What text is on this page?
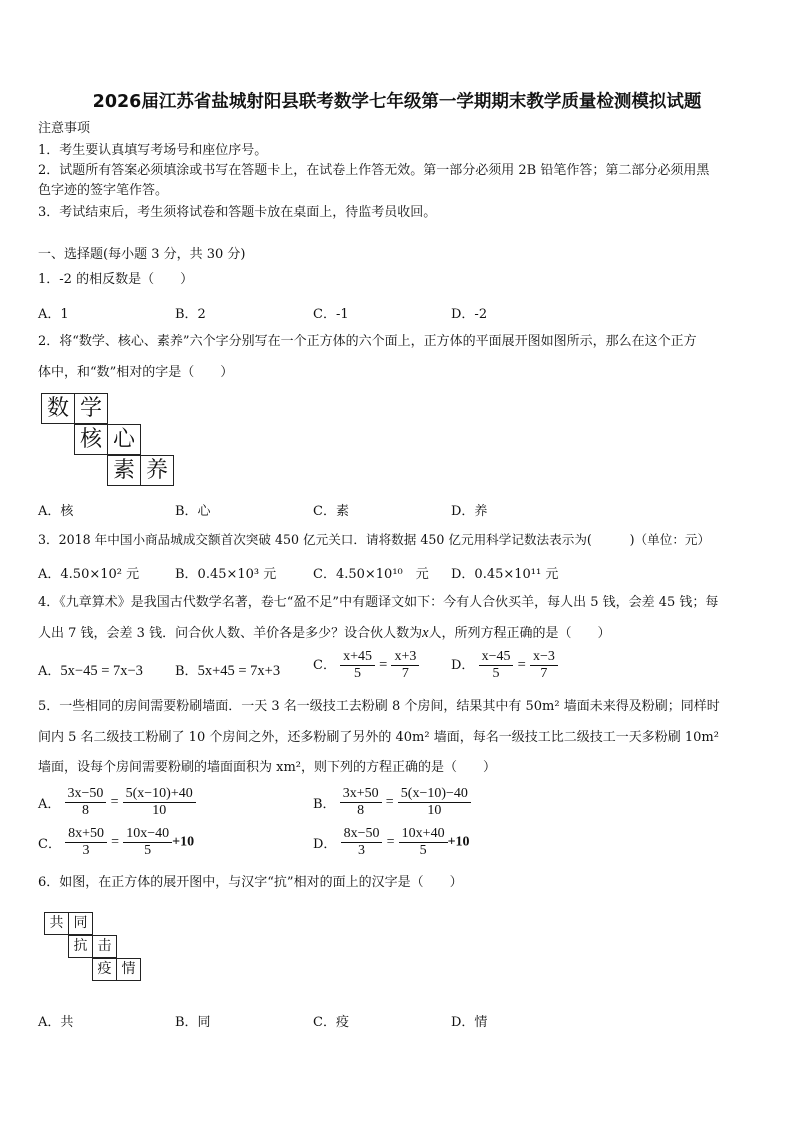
2026届江苏省盐城射阳县联考数学七年级第一学期期末教学质量检测模拟试题
注意事项
1．考生要认真填写考场号和座位序号。
2．试题所有答案必须填涂或书写在答题卡上，在试卷上作答无效。第一部分必须用 2B 铅笔作答；第二部分必须用黑
色字迹的签字笔作答。
3．考试结束后，考生须将试卷和答题卡放在桌面上，待监考员收回。
一、选择题(每小题 3 分，共 30 分)
1．-2 的相反数是（　　）
A．1	B．2	C．-1	D．-2
2．将“数学、核心、素养”六个字分别写在一个正方体的六个面上，正方体的平面展开图如图所示，那么在这个正方
体中，和“数”相对的字是（　　）
数 学
核 心
素 养
A．核	B．心	C．素	D．养
3．2018 年中国小商品城成交额首次突破 450 亿元关口．请将数据 450 亿元用科学记数法表示为(　　　)（单位：元）
A．4.50×10² 元	B．0.45×10³ 元	C．4.50×10¹⁰　元 D．0.45×10¹¹ 元
4．《九章算术》是我国古代数学名著，卷七“盈不足”中有题译文如下：今有人合伙买羊，每人出 5 钱，会差 45 钱；每
人出 7 钱，会差 3 钱．问合伙人数、羊价各是多少？设合伙人数为x人，所列方程正确的是（　　）
A．5x−45 = 7x−3 B．5x+45 = 7x+3	C． $\frac{x+45}{5} = \frac{x+3}{7}$ D． $\frac{x-45}{5} = \frac{x-3}{7}$
5．一些相同的房间需要粉刷墙面．一天 3 名一级技工去粉刷 8 个房间，结果其中有 50m² 墙面未来得及粉刷；同样时
间内 5 名二级技工粉刷了 10 个房间之外，还多粉刷了另外的 40m² 墙面，每名一级技工比二级技工一天多粉刷 10m²
墙面，设每个房间需要粉刷的墙面面积为 xm²，则下列的方程正确的是（　　）
A． $\frac{3x-50}{8} = \frac{5(x-10)+40}{10}$	B． $\frac{3x+50}{8} = \frac{5(x-10)-40}{10}$
C． $\frac{8x+50}{3} = \frac{10x-40}{5} +10$	D． $\frac{8x-50}{3} = \frac{10x+40}{5} +10$
6．如图，在正方体的展开图中，与汉字“抗”相对的面上的汉字是（　　）
共 同
抗 击
疫 情
A．共	B．同	C．疫	D．情
